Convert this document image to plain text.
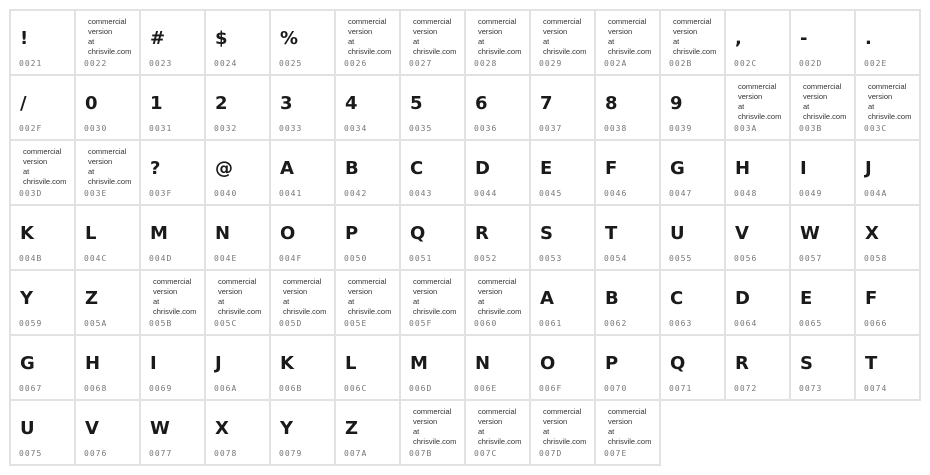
!
0021
commercial
version
at
chrisvile.com
0022
#
0023
$
0024
%
0025
commercial
version
at
chrisvile.com
0026
commercial
version
at
chrisvile.com
0027
commercial
version
at
chrisvile.com
0028
commercial
version
at
chrisvile.com
0029
commercial
version
at
chrisvile.com
002A
commercial
version
at
chrisvile.com
002B
,
002C
-
002D
.
002E
/
002F
0
0030
1
0031
2
0032
3
0033
4
0034
5
0035
6
0036
7
0037
8
0038
9
0039
commercial
version
at
chrisvile.com
003A
commercial
version
at
chrisvile.com
003B
commercial
version
at
chrisvile.com
003C
commercial
version
at
chrisvile.com
003D
commercial
version
at
chrisvile.com
003E
?
003F
@
0040
A
0041
B
0042
C
0043
D
0044
E
0045
F
0046
G
0047
H
0048
I
0049
J
004A
K
004B
L
004C
M
004D
N
004E
O
004F
P
0050
Q
0051
R
0052
S
0053
T
0054
U
0055
V
0056
W
0057
X
0058
Y
0059
Z
005A
commercial
version
at
chrisvile.com
005B
commercial
version
at
chrisvile.com
005C
commercial
version
at
chrisvile.com
005D
commercial
version
at
chrisvile.com
005E
commercial
version
at
chrisvile.com
005F
commercial
version
at
chrisvile.com
0060
A
0061
B
0062
C
0063
D
0064
E
0065
F
0066
G
0067
H
0068
I
0069
J
006A
K
006B
L
006C
M
006D
N
006E
O
006F
P
0070
Q
0071
R
0072
S
0073
T
0074
U
0075
V
0076
W
0077
X
0078
Y
0079
Z
007A
commercial
version
at
chrisvile.com
007B
commercial
version
at
chrisvile.com
007C
commercial
version
at
chrisvile.com
007D
commercial
version
at
chrisvile.com
007E
